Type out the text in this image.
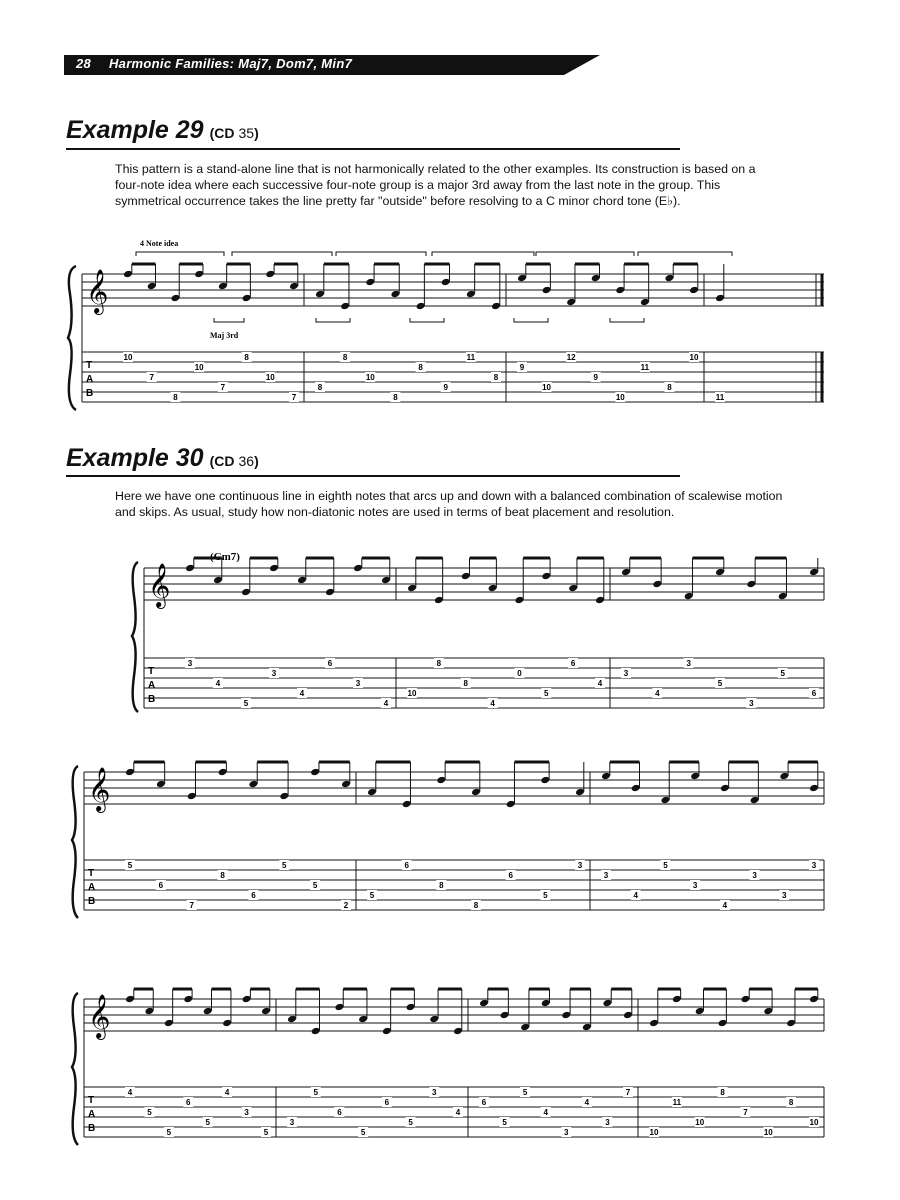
28 Harmonic Families: Maj7, Dom7, Min7
Example 29 (CD 35)
This pattern is a stand-alone line that is not harmonically related to the other examples. Its construction is based on a four-note idea where each successive four-note group is a major 3rd away from the last note in the group. This symmetrical occurrence takes the line pretty far "outside" before resolving to a C minor chord tone (E♭).
𝄞
T
A
B
4 Note idea
Maj 3rd
10
7
8
10
7
8
10
7
8
8
10
8
8
9
11
8
9
10
12
9
10
11
8
10
11
Example 30 (CD 36)
Here we have one continuous line in eighth notes that arcs up and down with a balanced combination of scalewise motion and skips. As usual, study how non-diatonic notes are used in terms of beat placement and resolution.
(Cm7)
𝄞
T
A
B
3
4
5
3
4
6
3
4
10
8
8
4
0
5
6
4
3
4
3
5
3
5
6
𝄞
T
A
B
5
6
7
8
6
5
5
2
5
6
8
8
6
5
3
3
4
5
3
4
3
3
3
𝄞
T
A
B
4
5
5
6
5
4
3
5
3
5
6
5
6
5
3
4
6
5
5
4
3
4
3
7
10
11
10
8
7
10
8
10
